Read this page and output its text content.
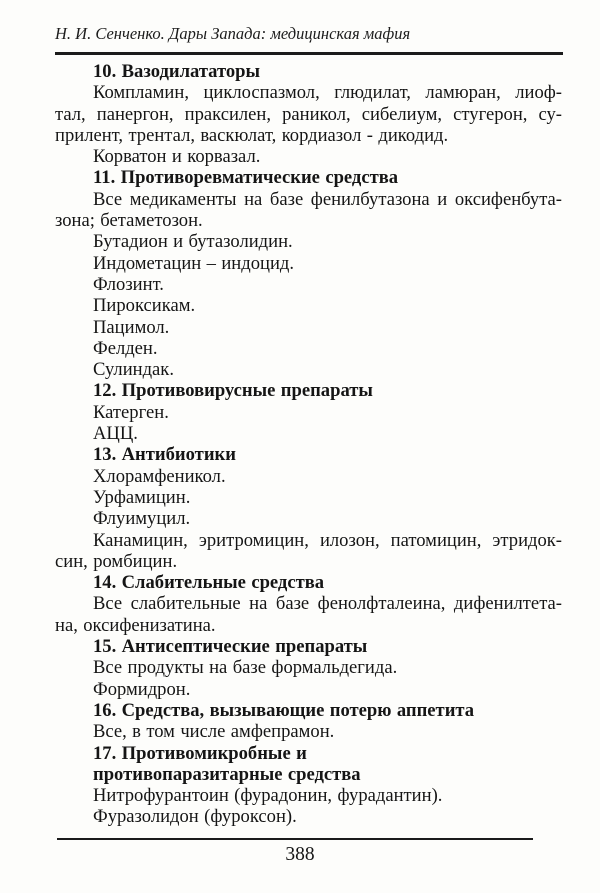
Н. И. Сенченко. Дары Запада: медицинская мафия
10. Вазодилататоры
Компламин, циклоспазмол, глюдилат, ламюран, лиоф-
тал, панергон, праксилен, раникол, сибелиум, стугерон, су-
прилент, трентал, васкюлат, кордиазол - дикодид.
Корватон и корвазал.
11. Противоревматические средства
Все медикаменты на базе фенилбутазона и оксифенбута-
зона; бетаметозон.
Бутадион и бутазолидин.
Индометацин – индоцид.
Флозинт.
Пироксикам.
Пацимол.
Фелден.
Сулиндак.
12. Противовирусные препараты
Катерген.
АЦЦ.
13. Антибиотики
Хлорамфеникол.
Урфамицин.
Флуимуцил.
Канамицин, эритромицин, илозон, патомицин, этридок-
син, ромбицин.
14. Слабительные средства
Все слабительные на базе фенолфталеина, дифенилтета-
на, оксифенизатина.
15. Антисептические препараты
Все продукты на базе формальдегида.
Формидрон.
16. Средства, вызывающие потерю аппетита
Все, в том числе амфепрамон.
17. Противомикробные и
противопаразитарные средства
Нитрофурантоин (фурадонин, фурадантин).
Фуразолидон (фуроксон).
388
